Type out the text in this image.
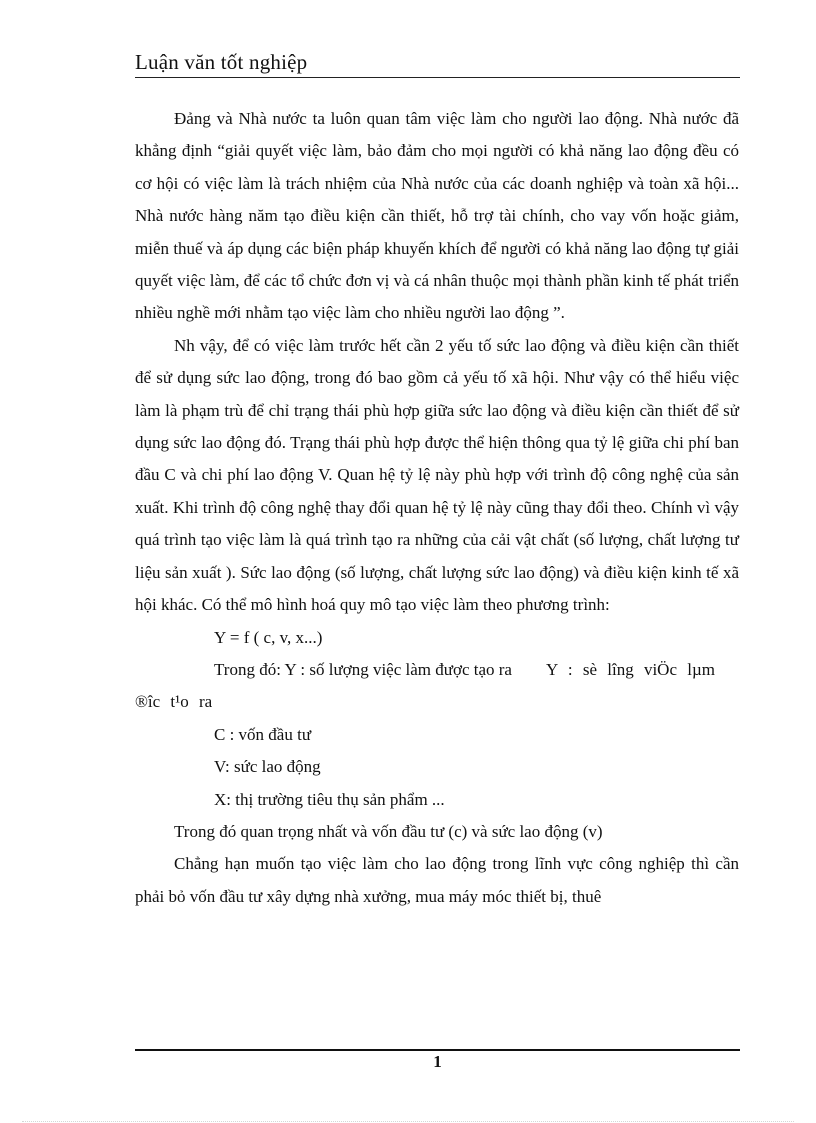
Luận văn tốt nghiệp

Đảng và Nhà nước ta luôn quan tâm việc làm cho người lao động. Nhà nước đã khẳng định “giải quyết việc làm, bảo đảm cho mọi người có khả năng lao động đều có cơ hội có việc làm là trách nhiệm của Nhà nước của các doanh nghiệp và toàn xã hội... Nhà nước hàng năm tạo điều kiện cần thiết, hỗ trợ tài chính, cho vay vốn hoặc giảm, miễn thuế và áp dụng các biện pháp khuyến khích để người có khả năng lao động tự giải quyết việc làm, để các tổ chức đơn vị và cá nhân thuộc mọi thành phần kinh tế phát triển nhiều nghề mới nhằm tạo việc làm cho nhiều người lao động ”.

Nh vậy, để có việc làm trước hết cần 2 yếu tố sức lao động và điều kiện cần thiết để sử dụng sức lao động, trong đó bao gồm cả yếu tố xã hội. Như vậy có thể hiểu việc làm là phạm trù để chỉ trạng thái phù hợp giữa sức lao động và điều kiện cần thiết để sử dụng sức lao động đó. Trạng thái phù hợp được thể hiện thông qua tỷ lệ giữa chi phí ban đầu C và chi phí lao động V. Quan hệ tỷ lệ này phù hợp với trình độ công nghệ của sản xuất. Khi trình độ công nghệ thay đổi quan hệ tỷ lệ này cũng thay đổi theo. Chính vì vậy quá trình tạo việc làm là quá trình tạo ra những của cải vật chất (số lượng, chất lượng tư liệu sản xuất ). Sức lao động (số lượng, chất lượng sức lao động) và điều kiện kinh tế xã hội khác. Có thể mô hình hoá quy mô tạo việc làm theo phương trình:

Y = f ( c, v, x...)

Trong đó: Y : số lượng việc làm được tạo ra Y : sè lîng viÖc lµm ®îc t¹o ra

C : vốn đầu tư

V: sức lao động

X: thị trường tiêu thụ sản phẩm ...

Trong đó quan trọng nhất và vốn đầu tư (c) và sức lao động (v)

Chẳng hạn muốn tạo việc làm cho lao động trong lĩnh vực công nghiệp thì cần phải bỏ vốn đầu tư xây dựng nhà xưởng, mua máy móc thiết bị, thuê

1
